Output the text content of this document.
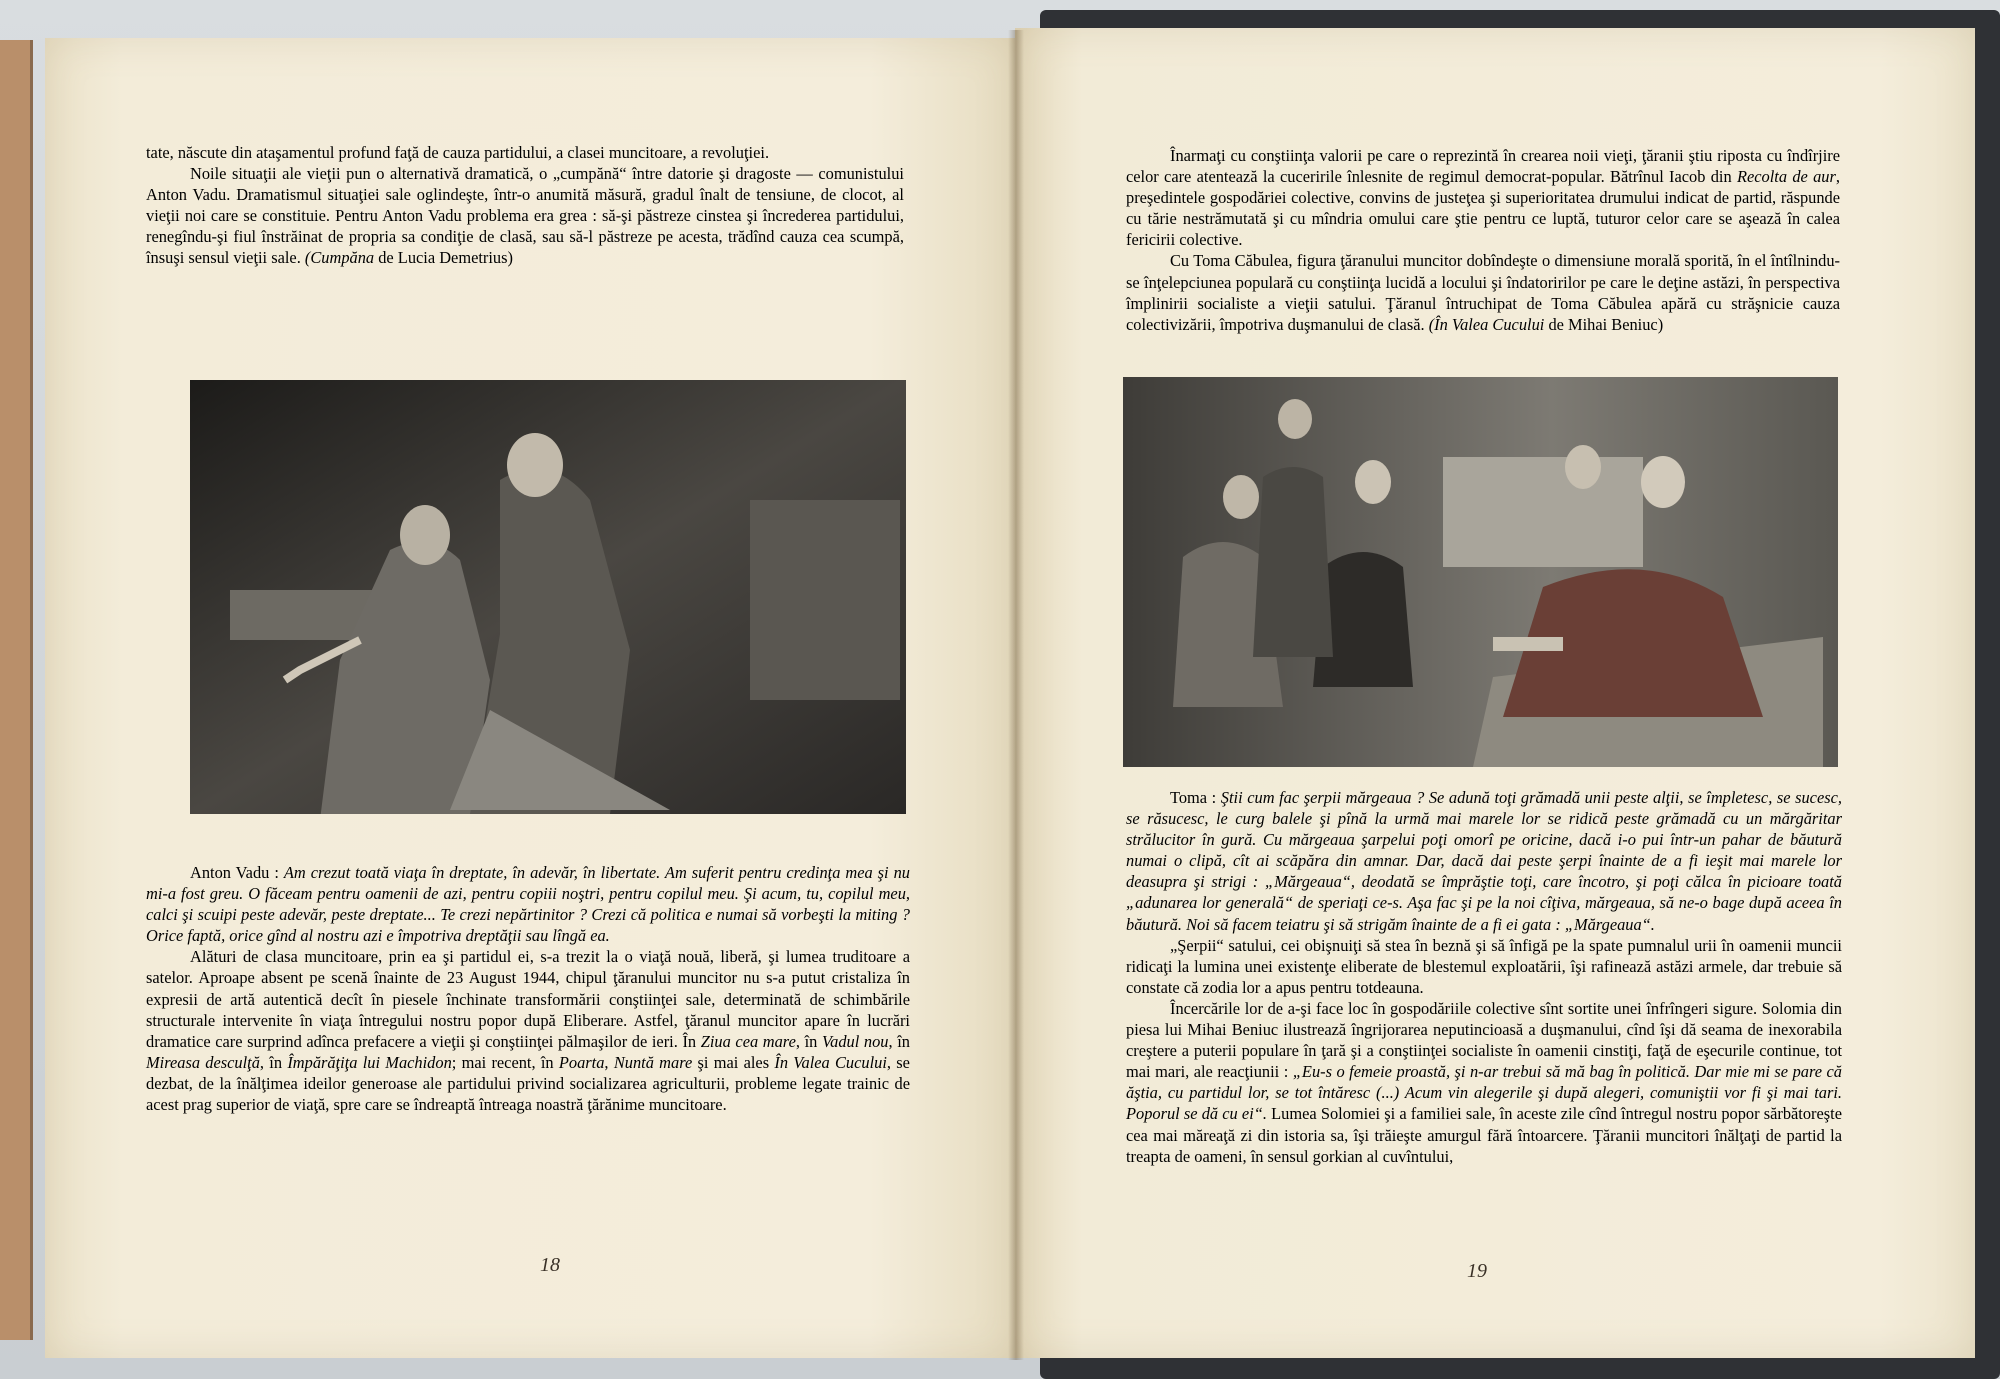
tate, născute din ataşamentul profund faţă de cauza partidului, a clasei muncitoare, a revoluţiei.

Noile situaţii ale vieţii pun o alternativă dramatică, o „cumpănă“ între datorie şi dragoste — comunistului Anton Vadu. Dramatismul situaţiei sale oglindeşte, într-o anumită măsură, gradul înalt de tensiune, de clocot, al vieţii noi care se constituie. Pentru Anton Vadu problema era grea : să-şi păstreze cinstea şi încrederea partidului, renegîndu-şi fiul înstrăinat de propria sa condiţie de clasă, sau să-l păstreze pe acesta, trădînd cauza cea scumpă, însuşi sensul vieţii sale. (Cumpăna de Lucia Demetrius)

Anton Vadu : Am crezut toată viaţa în dreptate, în adevăr, în libertate. Am suferit pentru credinţa mea şi nu mi-a fost greu. O făceam pentru oamenii de azi, pentru copiii noştri, pentru copilul meu. Şi acum, tu, copilul meu, calci şi scuipi peste adevăr, peste dreptate... Te crezi nepărtinitor ? Crezi că politica e numai să vorbeşti la miting ? Orice faptă, orice gînd al nostru azi e împotriva dreptăţii sau lîngă ea.

Alături de clasa muncitoare, prin ea şi partidul ei, s-a trezit la o viaţă nouă, liberă, şi lumea truditoare a satelor. Aproape absent pe scenă înainte de 23 August 1944, chipul ţăranului muncitor nu s-a putut cristaliza în expresii de artă autentică decît în piesele închinate transformării conştiinţei sale, determinată de schimbările structurale intervenite în viaţa întregului nostru popor după Eliberare. Astfel, ţăranul muncitor apare în lucrări dramatice care surprind adînca prefacere a vieţii şi conştiinţei pălmaşilor de ieri. În Ziua cea mare, în Vadul nou, în Mireasa desculţă, în Împărăţiţa lui Machidon; mai recent, în Poarta, Nuntă mare şi mai ales În Valea Cucului, se dezbat, de la înălţimea ideilor generoase ale partidului privind socializarea agriculturii, probleme legate trainic de acest prag superior de viaţă, spre care se îndreaptă întreaga noastră ţărănime muncitoare.

18

Înarmaţi cu conştiinţa valorii pe care o reprezintă în crearea noii vieţi, ţăranii ştiu riposta cu îndîrjire celor care atentează la cuceririle înlesnite de regimul democrat-popular. Bătrînul Iacob din Recolta de aur, preşedintele gospodăriei colective, convins de justeţea şi superioritatea drumului indicat de partid, răspunde cu tărie nestrămutată şi cu mîndria omului care ştie pentru ce luptă, tuturor celor care se aşează în calea fericirii colective.

Cu Toma Căbulea, figura ţăranului muncitor dobîndeşte o dimensiune morală sporită, în el întîlnindu-se înţelepciunea populară cu conştiinţa lucidă a locului şi îndatoririlor pe care le deţine astăzi, în perspectiva împlinirii socialiste a vieţii satului. Ţăranul întruchipat de Toma Căbulea apără cu străşnicie cauza colectivizării, împotriva duşmanului de clasă. (În Valea Cucului de Mihai Beniuc)

Toma : Ştii cum fac şerpii mărgeaua ? Se adună toţi grămadă unii peste alţii, se împletesc, se sucesc, se răsucesc, le curg balele şi pînă la urmă mai marele lor se ridică peste grămadă cu un mărgăritar strălucitor în gură. Cu mărgeaua şarpelui poţi omorî pe oricine, dacă i-o pui într-un pahar de băutură numai o clipă, cît ai scăpăra din amnar. Dar, dacă dai peste şerpi înainte de a fi ieşit mai marele lor deasupra şi strigi : „Mărgeaua“, deodată se împrăştie toţi, care încotro, şi poţi călca în picioare toată „adunarea lor generală“ de speriaţi ce-s. Aşa fac şi pe la noi cîţiva, mărgeaua, să ne-o bage după aceea în băutură. Noi să facem teiatru şi să strigăm înainte de a fi ei gata : „Mărgeaua“.

„Şerpii“ satului, cei obişnuiţi să stea în beznă şi să înfigă pe la spate pumnalul urii în oamenii muncii ridicaţi la lumina unei existenţe eliberate de blestemul exploatării, îşi rafinează astăzi armele, dar trebuie să constate că zodia lor a apus pentru totdeauna.

Încercările lor de a-şi face loc în gospodăriile colective sînt sortite unei înfrîngeri sigure. Solomia din piesa lui Mihai Beniuc ilustrează îngrijorarea neputincioasă a duşmanului, cînd îşi dă seama de inexorabila creştere a puterii populare în ţară şi a conştiinţei socialiste în oamenii cinstiţi, faţă de eşecurile continue, tot mai mari, ale reacţiunii : „Eu-s o femeie proastă, şi n-ar trebui să mă bag în politică. Dar mie mi se pare că ăştia, cu partidul lor, se tot întăresc (...) Acum vin alegerile şi după alegeri, comuniştii vor fi şi mai tari. Poporul se dă cu ei“. Lumea Solomiei şi a familiei sale, în aceste zile cînd întregul nostru popor sărbătoreşte cea mai măreaţă zi din istoria sa, îşi trăieşte amurgul fără întoarcere. Ţăranii muncitori înălţaţi de partid la treapta de oameni, în sensul gorkian al cuvîntului,

19
